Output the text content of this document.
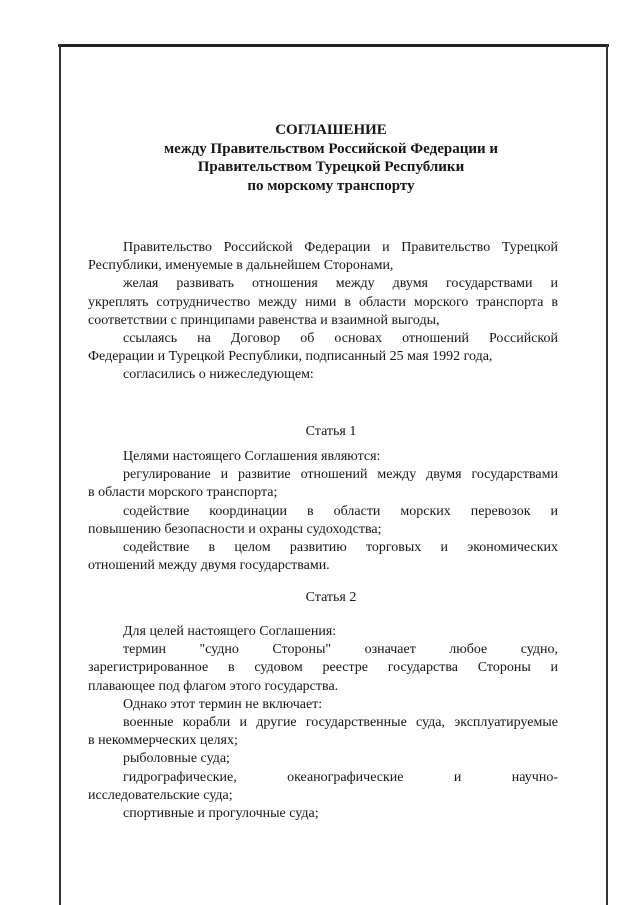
СОГЛАШЕНИЕ
между Правительством Российской Федерации и
Правительством Турецкой Республики
по морскому транспорту
Правительство Российской Федерации и Правительство Турецкой
Республики, именуемые в дальнейшем Сторонами,
желая развивать отношения между двумя государствами и
укреплять сотрудничество между ними в области морского транспорта в
соответствии с принципами равенства и взаимной выгоды,
ссылаясь на Договор об основах отношений Российской
Федерации и Турецкой Республики, подписанный 25 мая 1992 года,
согласились о нижеследующем:
Статья 1
Целями настоящего Соглашения являются:
регулирование и развитие отношений между двумя государствами
в области морского транспорта;
содействие координации в области морских перевозок и
повышению безопасности и охраны судоходства;
содействие в целом развитию торговых и экономических
отношений между двумя государствами.
Статья 2
Для целей настоящего Соглашения:
термин "судно Стороны" означает любое судно,
зарегистрированное в судовом реестре государства Стороны и
плавающее под флагом этого государства.
Однако этот термин не включает:
военные корабли и другие государственные суда, эксплуатируемые
в некоммерческих целях;
рыболовные суда;
гидрографические, океанографические и научно-
исследовательские суда;
спортивные и прогулочные суда;
